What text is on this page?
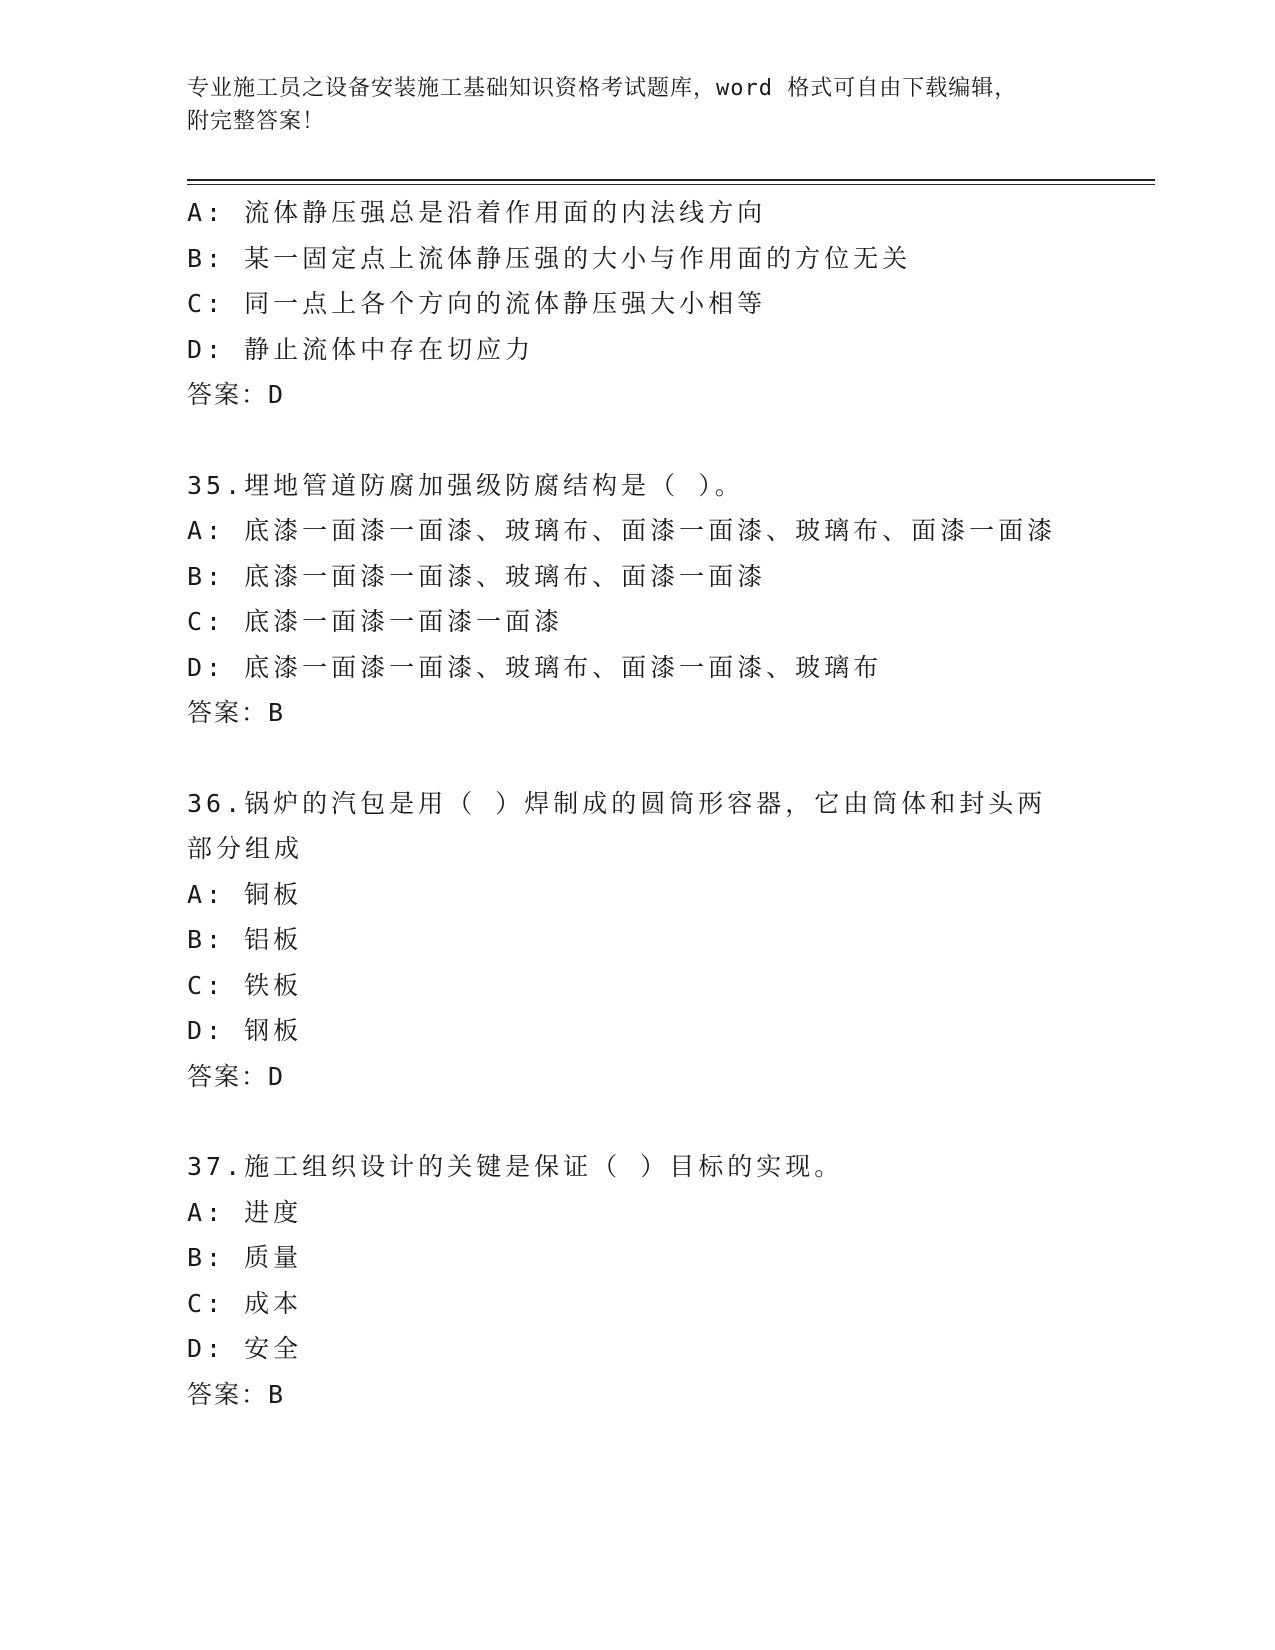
专业施工员之设备安装施工基础知识资格考试题库，word 格式可自由下载编辑，
附完整答案！
A: 流体静压强总是沿着作用面的内法线方向
B: 某一固定点上流体静压强的大小与作用面的方位无关
C: 同一点上各个方向的流体静压强大小相等
D: 静止流体中存在切应力
答案：D
35.埋地管道防腐加强级防腐结构是（ ）。
A: 底漆一面漆一面漆、玻璃布、面漆一面漆、玻璃布、面漆一面漆
B: 底漆一面漆一面漆、玻璃布、面漆一面漆
C: 底漆一面漆一面漆一面漆
D: 底漆一面漆一面漆、玻璃布、面漆一面漆、玻璃布
答案：B
36.锅炉的汽包是用（ ）焊制成的圆筒形容器，它由筒体和封头两部分组成
A: 铜板
B: 铝板
C: 铁板
D: 钢板
答案：D
37.施工组织设计的关键是保证（ ）目标的实现。
A: 进度
B: 质量
C: 成本
D: 安全
答案：B
